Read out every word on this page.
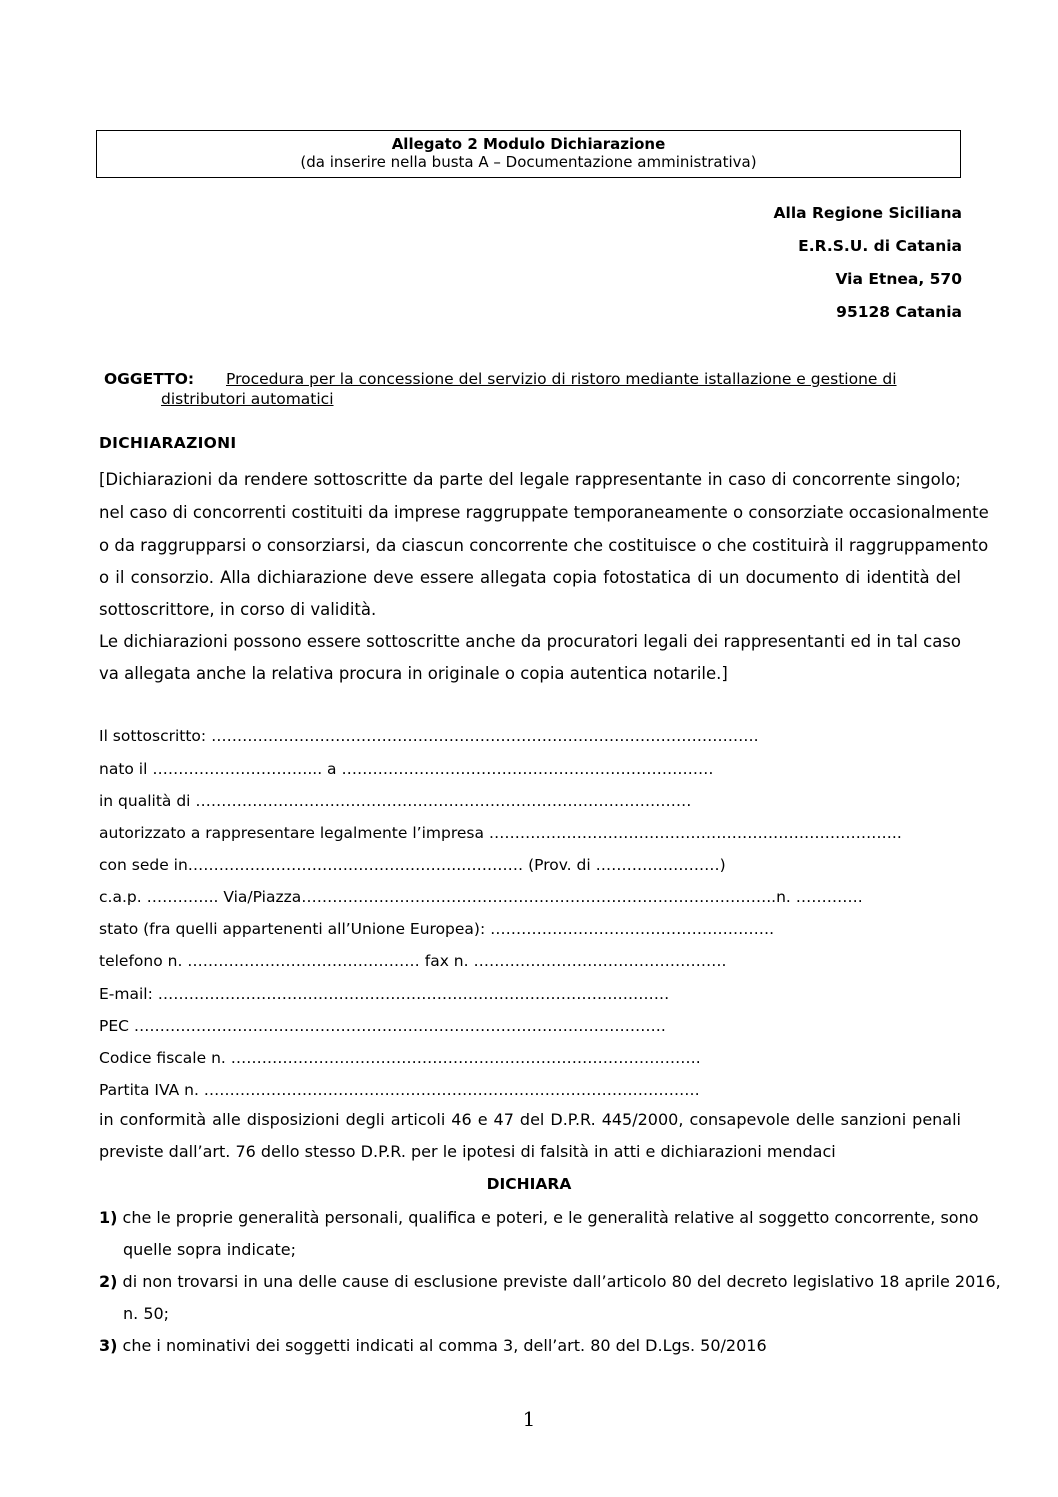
Allegato 2 Modulo Dichiarazione
(da inserire nella busta A – Documentazione amministrativa)
Alla Regione Siciliana
E.R.S.U. di Catania
Via Etnea, 570
95128 Catania
OGGETTO: Procedura per la concessione del servizio di ristoro mediante istallazione e gestione di
distributori automatici
DICHIARAZIONI
[Dichiarazioni da rendere sottoscritte da parte del legale rappresentante in caso di concorrente singolo;
nel caso di concorrenti costituiti da imprese raggruppate temporaneamente o consorziate occasionalmente
o da raggrupparsi o consorziarsi, da ciascun concorrente che costituisce o che costituirà il raggruppamento
o il consorzio. Alla dichiarazione deve essere allegata copia fotostatica di un documento di identità del
sottoscrittore, in corso di validità.
Le dichiarazioni possono essere sottoscritte anche da procuratori legali dei rappresentanti ed in tal caso
va allegata anche la relativa procura in originale o copia autentica notarile.]
Il sottoscritto: …………………………………………………………………………………………….
nato il …………………………... a ………………………………………………………………
in qualità di ……………………………………………………………………………………
autorizzato a rappresentare legalmente l’impresa ……………………………………………………………………..
con sede in……………………………………………..………… (Prov. di ……………………)
c.a.p. ………….. Via/Piazza………………………………………………………………………………..n. ………….
stato (fra quelli appartenenti all’Unione Europea): ……………………………………………….
telefono n. ……………………………………… fax n. ………………………………………….
E-mail: ………………………………………………………………………………………
PEC ………………………………………………………………………………………….
Codice fiscale n. ……………………………………………………………………………….
Partita IVA n. ……………………………………………………………………………………
in conformità alle disposizioni degli articoli 46 e 47 del D.P.R. 445/2000, consapevole delle sanzioni penali
previste dall’art. 76 dello stesso D.P.R. per le ipotesi di falsità in atti e dichiarazioni mendaci
DICHIARA
1) che le proprie generalità personali, qualifica e poteri, e le generalità relative al soggetto concorrente, sono
quelle sopra indicate;
2) di non trovarsi in una delle cause di esclusione previste dall’articolo 80 del decreto legislativo 18 aprile 2016,
n. 50;
3) che i nominativi dei soggetti indicati al comma 3, dell’art. 80 del D.Lgs. 50/2016
1
